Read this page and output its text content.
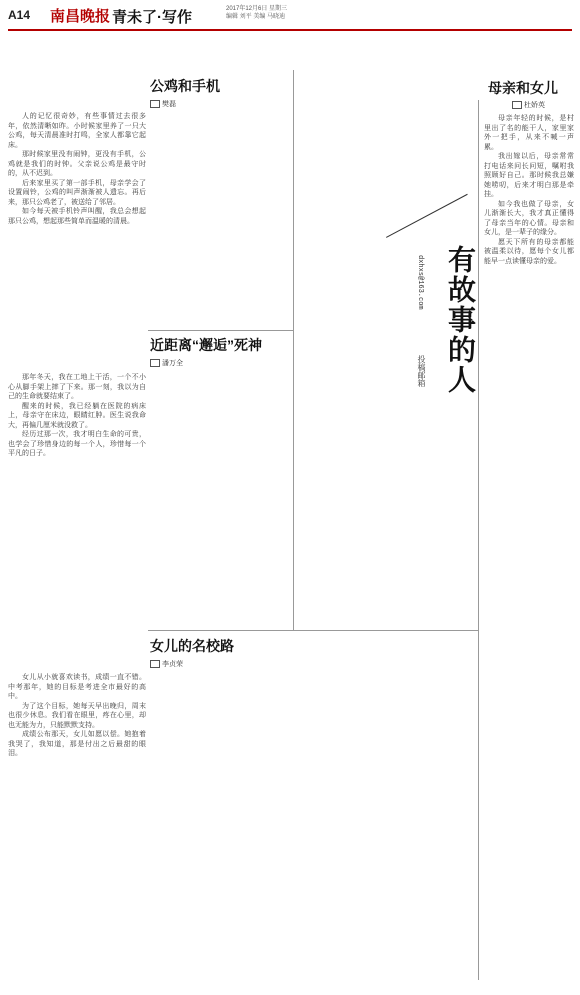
A14 南昌晚报 青未了·写作	2017年12月6日 星期三
编辑 刘平 美编 马晓迪
公鸡和手机
樊磊

人的记忆很奇妙，有些事情过去很多年，依然清晰如昨。小时候家里养了一只大公鸡，每天清晨准时打鸣，全家人都靠它起床。

那时候家里没有闹钟，更没有手机，公鸡就是我们的时钟。父亲说公鸡是最守时的，从不迟到。

后来家里买了第一部手机，母亲学会了设置闹铃，公鸡的叫声渐渐被人遗忘。再后来，那只公鸡老了，被送给了邻居。

如今每天被手机铃声叫醒，我总会想起那只公鸡，想起那些简单而温暖的清晨。

近距离“邂逅”死神
潘万全

那年冬天，我在工地上干活，一个不小心从脚手架上摔了下来。那一刻，我以为自己的生命就要结束了。

醒来的时候，我已经躺在医院的病床上，母亲守在床边，眼睛红肿。医生说我命大，再偏几厘米就没救了。

经历过那一次，我才明白生命的可贵，也学会了珍惜身边的每一个人，珍惜每一个平凡的日子。

女儿的名校路
李贞荣

女儿从小就喜欢读书，成绩一直不错。中考那年，她的目标是考进全市最好的高中。

为了这个目标，她每天早出晚归，周末也很少休息。我们看在眼里，疼在心里，却也无能为力，只能默默支持。

成绩公布那天，女儿如愿以偿。她抱着我哭了，我知道，那是付出之后最甜的眼泪。

母亲和女儿
杜娇英

母亲年轻的时候，是村里出了名的能干人，家里家外一把手，从来不喊一声累。

我出嫁以后，母亲常常打电话来问长问短，嘱咐我照顾好自己。那时候我总嫌她唠叨，后来才明白那是牵挂。

如今我也做了母亲，女儿渐渐长大，我才真正懂得了母亲当年的心情。母亲和女儿，是一辈子的缘分。

愿天下所有的母亲都能被温柔以待，愿每个女儿都能早一点读懂母亲的爱。

有故事的人
dxhxs@163.com
投稿邮箱
